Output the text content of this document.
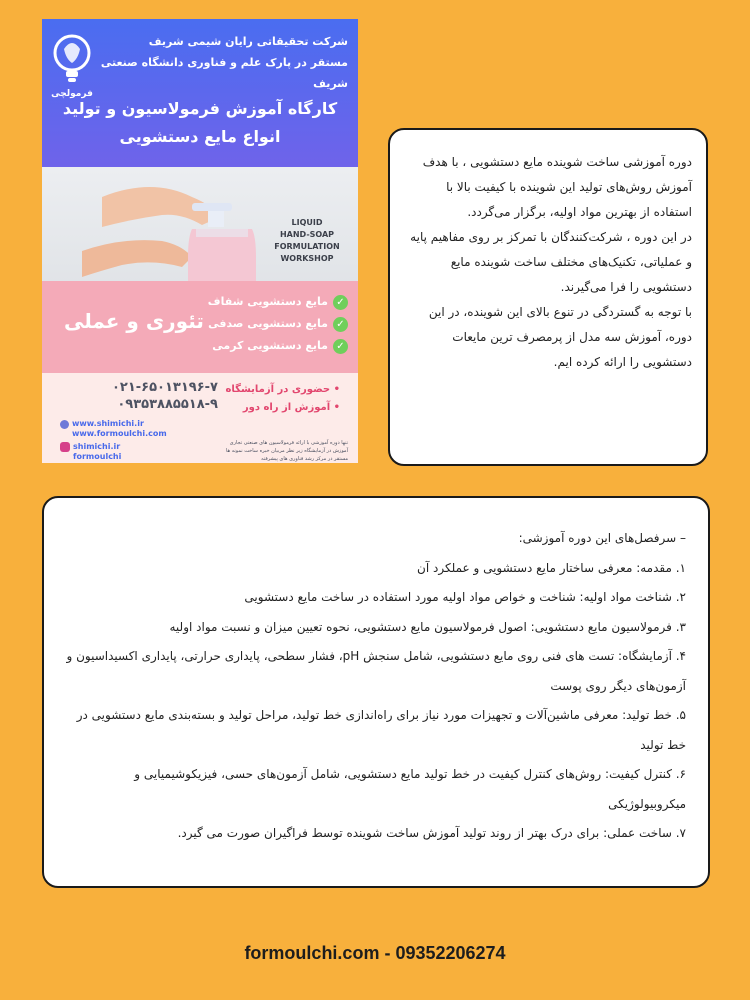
فرمولچی
شرکت تحقیقاتی رایان شیمی شریف
مستقر در پارک علم و فناوری دانشگاه صنعتی شریف
کارگاه آموزش فرمولاسیون و تولید
انواع مایع دستشویی
LIQUID
HAND-SOAP
FORMULATION
WORKSHOP
✓
مایع دستشویی شفاف
✓
مایع دستشویی صدفی
✓
مایع دستشویی کرمی
تئوری و عملی
۰۲۱-۶۵۰۱۳۱۹۶-۷
۰۹۳۵۳۸۸۵۵۱۸-۹
• حضوری در آزمایشگاه
• آموزش از راه دور
www.shimichi.ir
www.formoulchi.com
shimichi.ir
formoulchi
تنها دوره آموزشی با ارائه فرمولاسیون های صنعتی تجاری
آموزش در آزمایشگاه زیر نظر مربیان خبره ساخت نمونه ها
مستقر در مرکز رشد فناوری های پیشرفته

دوره آموزشی ساخت شوینده مایع دستشویی ، با هدف آموزش روش‌های تولید این شوینده با کیفیت بالا با استفاده از بهترین مواد اولیه، برگزار می‌گردد.

در این دوره ، شرکت‌کنندگان با تمرکز بر روی مفاهیم پایه و عملیاتی، تکنیک‌های مختلف ساخت شوینده مایع دستشویی را فرا می‌گیرند.

با توجه به گستردگی در تنوع بالای این شوینده، در این دوره، آموزش سه مدل از پرمصرف ترین مایعات دستشویی را ارائه کرده ایم.

– سرفصل‌های این دوره آموزشی:

۱. مقدمه: معرفی ساختار مایع دستشویی و عملکرد آن

۲. شناخت مواد اولیه: شناخت و خواص مواد اولیه مورد استفاده در ساخت مایع دستشویی

۳. فرمولاسیون مایع دستشویی: اصول فرمولاسیون مایع دستشویی، نحوه تعیین میزان و نسبت مواد اولیه

۴. آزمایشگاه: تست های فنی روی مایع دستشویی، شامل سنجش pH، فشار سطحی، پایداری حرارتی، پایداری اکسیداسیون و آزمون‌های دیگر روی پوست

۵. خط تولید: معرفی ماشین‌آلات و تجهیزات مورد نیاز برای راه‌اندازی خط تولید، مراحل تولید و بسته‌بندی مایع دستشویی در خط تولید

۶. کنترل کیفیت: روش‌های کنترل کیفیت در خط تولید مایع دستشویی، شامل آزمون‌های حسی، فیزیکوشیمیایی و میکروبیولوژیکی

۷. ساخت عملی: برای درک بهتر از روند تولید آموزش ساخت شوینده توسط فراگیران صورت می گیرد.

formoulchi.com - 09352206274
